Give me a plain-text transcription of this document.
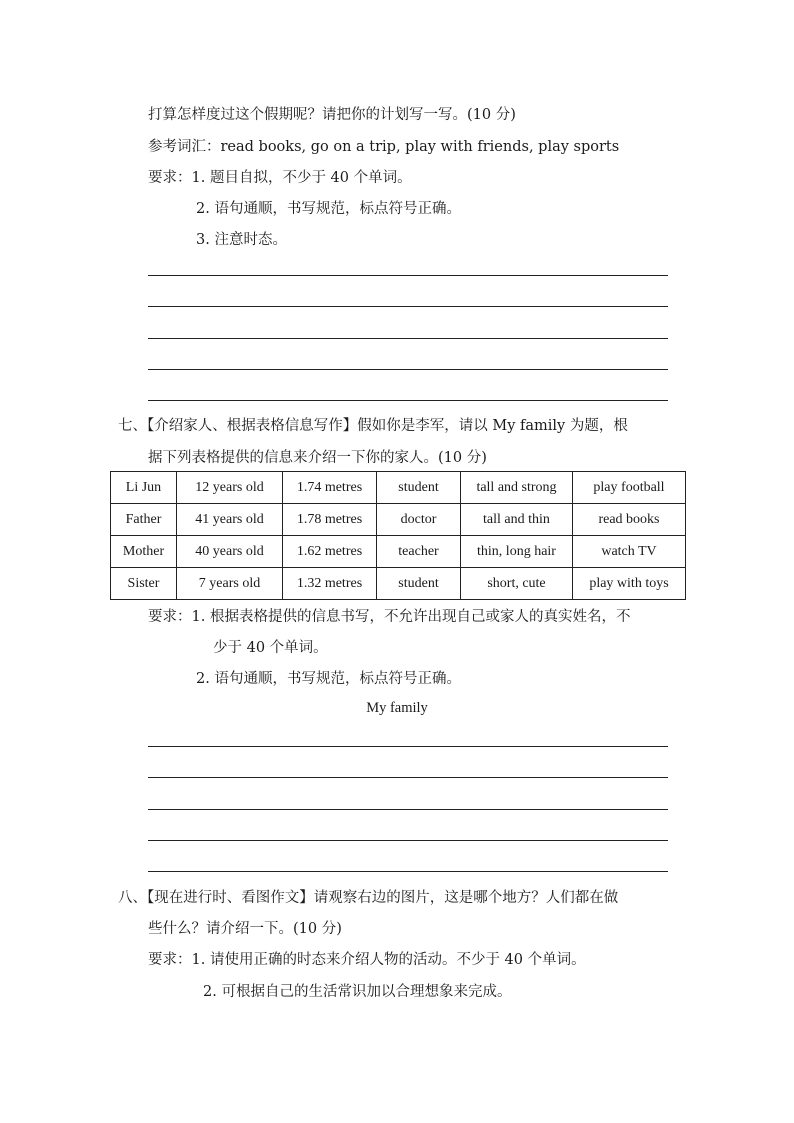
打算怎样度过这个假期呢？请把你的计划写一写。(10 分)
参考词汇：read books, go on a trip, play with friends, play sports
要求：1. 题目自拟，不少于 40 个单词。
2. 语句通顺，书写规范，标点符号正确。
3. 注意时态。
七、【介绍家人、根据表格信息写作】假如你是李军，请以 My family 为题，根
据下列表格提供的信息来介绍一下你的家人。(10 分)
Li Jun	12 years old	1.74 metres	student	tall and strong	play football
Father	41 years old	1.78 metres	doctor	tall and thin	read books
Mother	40 years old	1.62 metres	teacher	thin, long hair	watch TV
Sister	7 years old	1.32 metres	student	short, cute	play with toys
要求：1. 根据表格提供的信息书写，不允许出现自己或家人的真实姓名，不
少于 40 个单词。
2. 语句通顺，书写规范，标点符号正确。
My family
八、【现在进行时、看图作文】请观察右边的图片，这是哪个地方？人们都在做
些什么？请介绍一下。(10 分)
要求：1. 请使用正确的时态来介绍人物的活动。不少于 40 个单词。
2. 可根据自己的生活常识加以合理想象来完成。
